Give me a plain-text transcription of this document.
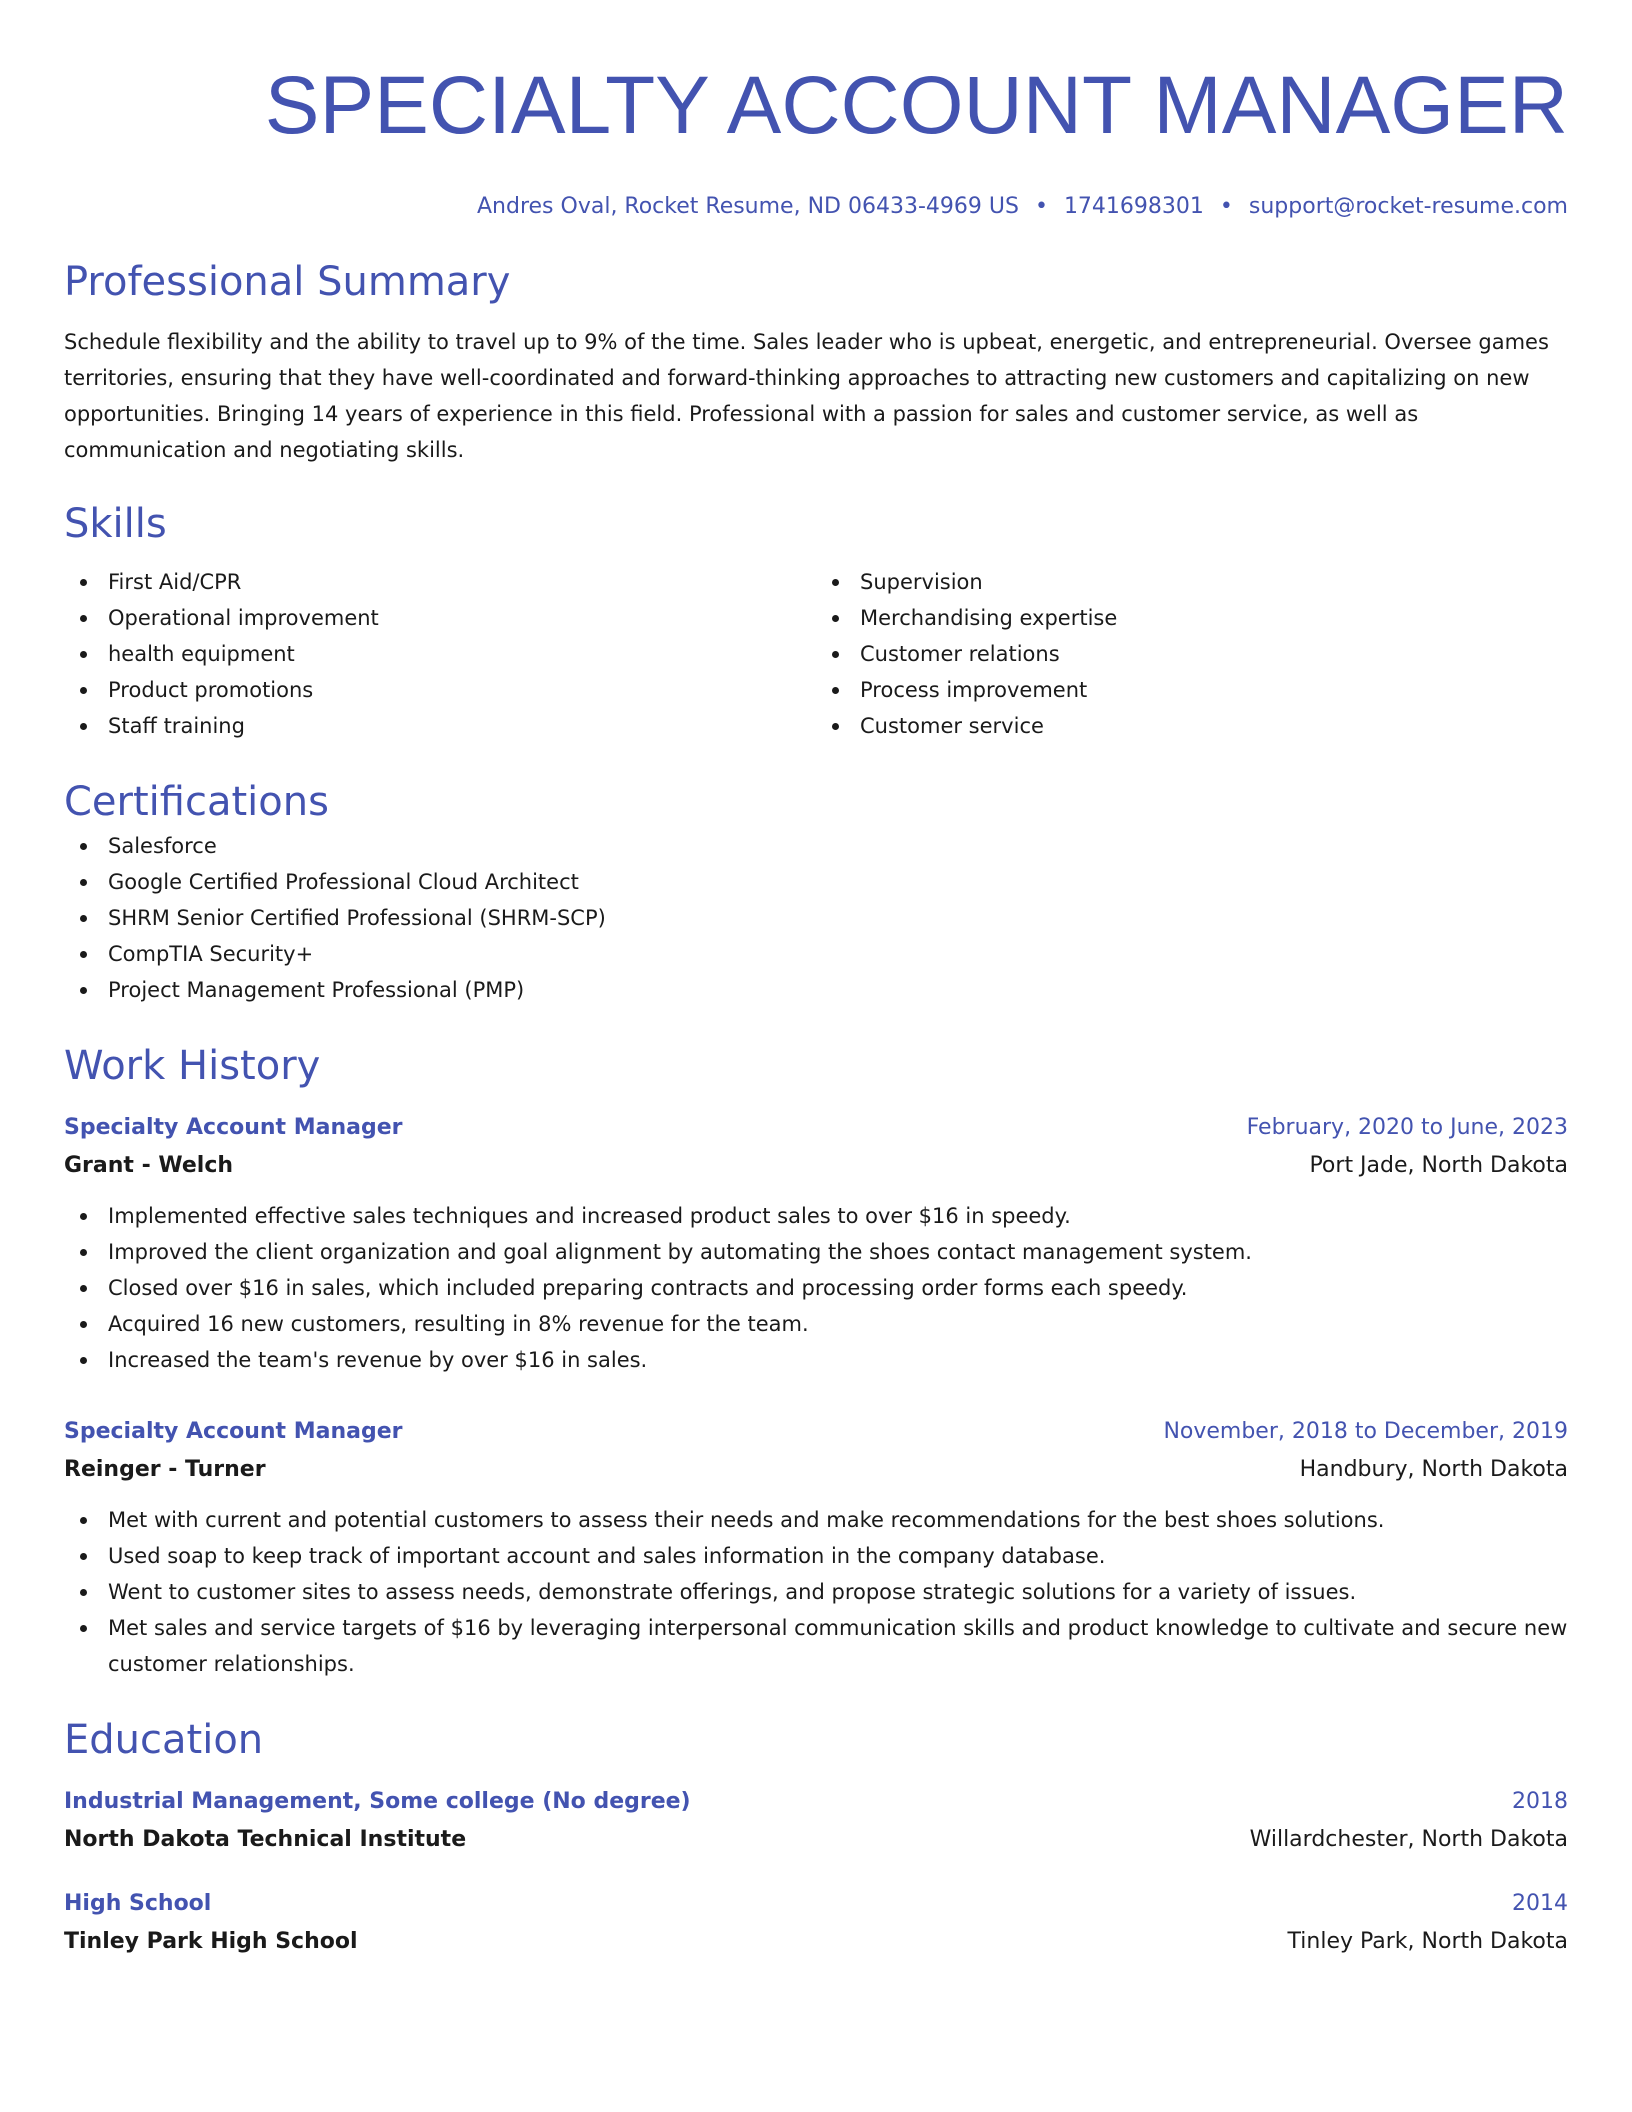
SPECIALTY ACCOUNT MANAGER
Andres Oval, Rocket Resume, ND 06433-4969 US • 1741698301 • support@rocket-resume.com
Professional Summary
Schedule flexibility and the ability to travel up to 9% of the time. Sales leader who is upbeat, energetic, and entrepreneurial. Oversee games territories, ensuring that they have well-coordinated and forward-thinking approaches to attracting new customers and capitalizing on new opportunities. Bringing 14 years of experience in this field. Professional with a passion for sales and customer service, as well as communication and negotiating skills.
Skills
First Aid/CPR
Operational improvement
health equipment
Product promotions
Staff training
Supervision
Merchandising expertise
Customer relations
Process improvement
Customer service
Certifications
Salesforce
Google Certified Professional Cloud Architect
SHRM Senior Certified Professional (SHRM-SCP)
CompTIA Security+
Project Management Professional (PMP)
Work History
Specialty Account Manager	February, 2020 to June, 2023
Grant - Welch	Port Jade, North Dakota
Implemented effective sales techniques and increased product sales to over $16 in speedy.
Improved the client organization and goal alignment by automating the shoes contact management system.
Closed over $16 in sales, which included preparing contracts and processing order forms each speedy.
Acquired 16 new customers, resulting in 8% revenue for the team.
Increased the team's revenue by over $16 in sales.
Specialty Account Manager	November, 2018 to December, 2019
Reinger - Turner	Handbury, North Dakota
Met with current and potential customers to assess their needs and make recommendations for the best shoes solutions.
Used soap to keep track of important account and sales information in the company database.
Went to customer sites to assess needs, demonstrate offerings, and propose strategic solutions for a variety of issues.
Met sales and service targets of $16 by leveraging interpersonal communication skills and product knowledge to cultivate and secure new customer relationships.
Education
Industrial Management, Some college (No degree)	2018
North Dakota Technical Institute	Willardchester, North Dakota
High School	2014
Tinley Park High School	Tinley Park, North Dakota
